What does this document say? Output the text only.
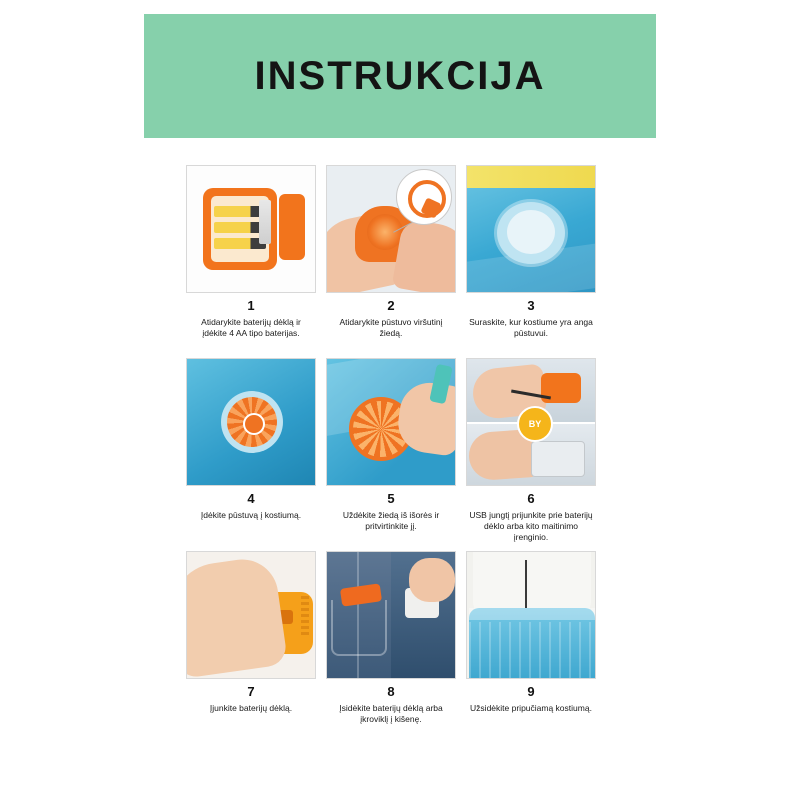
INSTRUKCIJA
1
Atidarykite baterijų dėklą ir įdėkite 4 AA tipo baterijas.
2
Atidarykite pūstuvo viršutinį žiedą.
3
Suraskite, kur kostiume yra anga pūstuvui.
4
Įdėkite pūstuvą į kostiumą.
5
Uždėkite žiedą iš išorės ir pritvirtinkite jį.
BY
6
USB jungtį prijunkite prie baterijų dėklo arba kito maitinimo įrenginio.
7
Įjunkite baterijų dėklą.
8
Įsidėkite baterijų dėklą arba įkroviklį į kišenę.
9
Užsidėkite pripučiamą kostiumą.
